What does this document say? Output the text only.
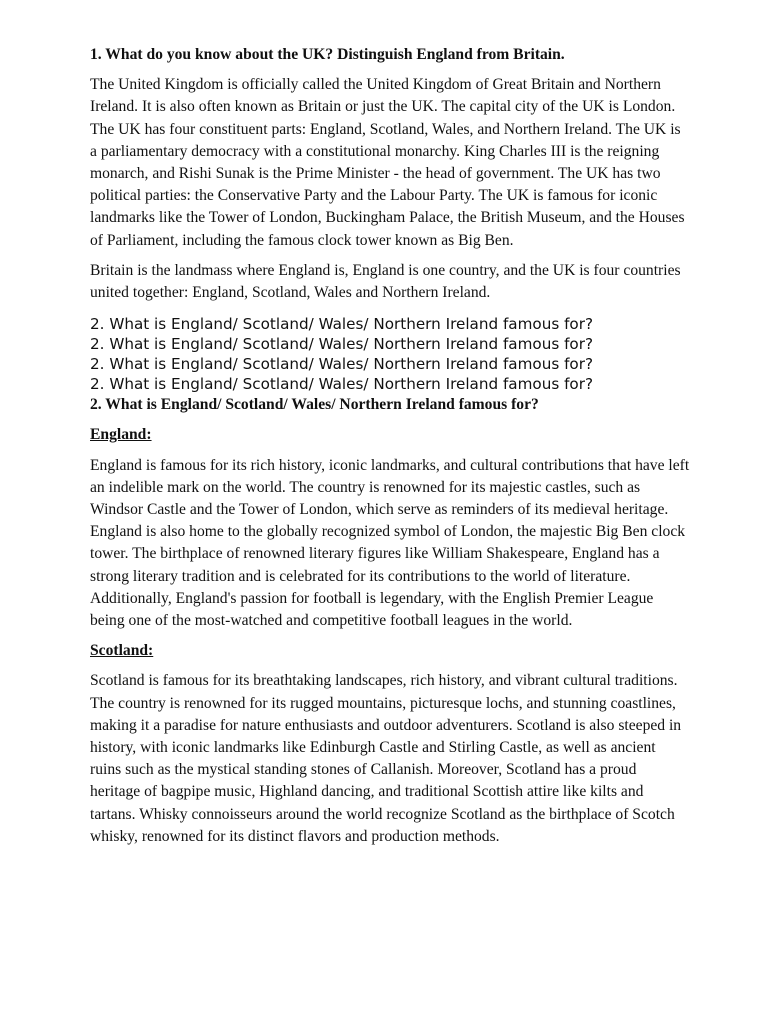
1. What do you know about the UK? Distinguish England from Britain.

The United Kingdom is officially called the United Kingdom of Great Britain and Northern Ireland. It is also often known as Britain or just the UK. The capital city of the UK is London. The UK has four constituent parts: England, Scotland, Wales, and Northern Ireland. The UK is a parliamentary democracy with a constitutional monarchy. King Charles III is the reigning monarch, and Rishi Sunak is the Prime Minister - the head of government. The UK has two political parties: the Conservative Party and the Labour Party. The UK is famous for iconic landmarks like the Tower of London, Buckingham Palace, the British Museum, and the Houses of Parliament, including the famous clock tower known as Big Ben.

Britain is the landmass where England is, England is one country, and the UK is four countries united together: England, Scotland, Wales and Northern Ireland.

2. What is England/ Scotland/ Wales/ Northern Ireland famous for?

2. What is England/ Scotland/ Wales/ Northern Ireland famous for?

2. What is England/ Scotland/ Wales/ Northern Ireland famous for?

2. What is England/ Scotland/ Wales/ Northern Ireland famous for?

2. What is England/ Scotland/ Wales/ Northern Ireland famous for?

England:

England is famous for its rich history, iconic landmarks, and cultural contributions that have left an indelible mark on the world. The country is renowned for its majestic castles, such as Windsor Castle and the Tower of London, which serve as reminders of its medieval heritage. England is also home to the globally recognized symbol of London, the majestic Big Ben clock tower. The birthplace of renowned literary figures like William Shakespeare, England has a strong literary tradition and is celebrated for its contributions to the world of literature. Additionally, England's passion for football is legendary, with the English Premier League being one of the most-watched and competitive football leagues in the world.

Scotland:

Scotland is famous for its breathtaking landscapes, rich history, and vibrant cultural traditions. The country is renowned for its rugged mountains, picturesque lochs, and stunning coastlines, making it a paradise for nature enthusiasts and outdoor adventurers. Scotland is also steeped in history, with iconic landmarks like Edinburgh Castle and Stirling Castle, as well as ancient ruins such as the mystical standing stones of Callanish. Moreover, Scotland has a proud heritage of bagpipe music, Highland dancing, and traditional Scottish attire like kilts and tartans. Whisky connoisseurs around the world recognize Scotland as the birthplace of Scotch whisky, renowned for its distinct flavors and production methods.
